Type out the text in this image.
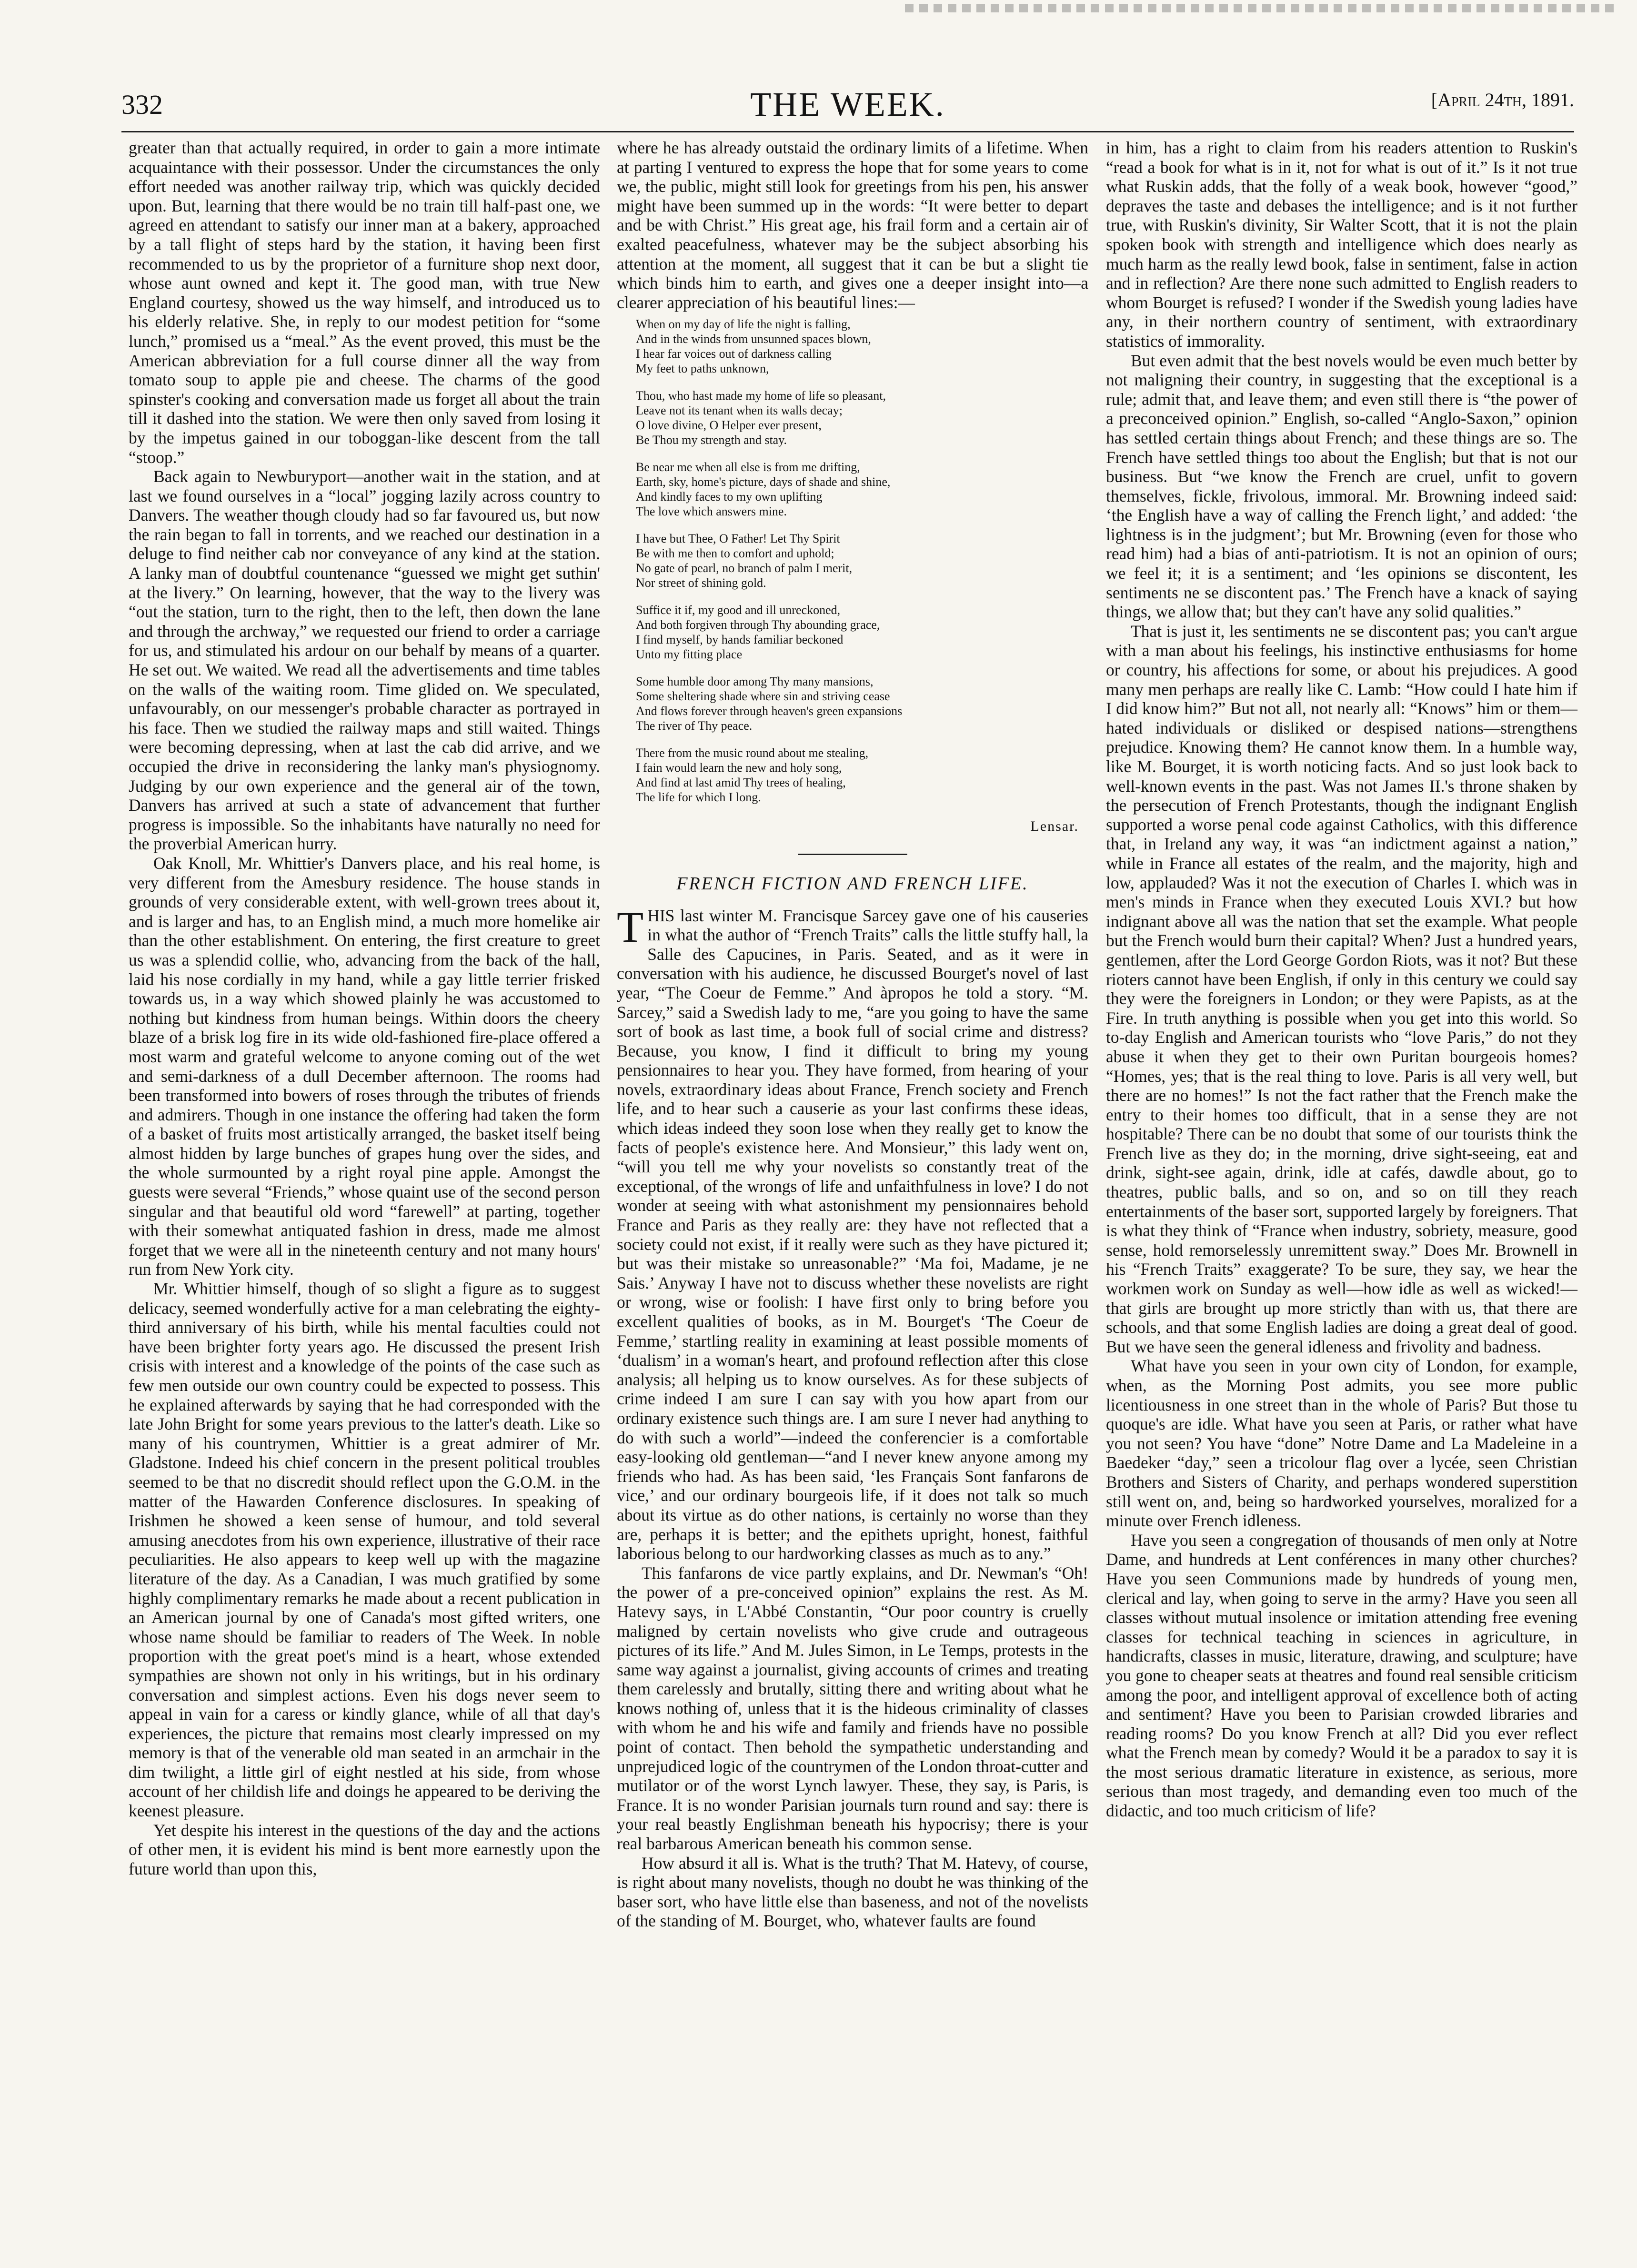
332	THE WEEK.	[April 24th, 1891.

greater than that actually required, in order to gain a more intimate acquaintance with their possessor. Under the circumstances the only effort needed was another railway trip, which was quickly decided upon. But, learning that there would be no train till half-past one, we agreed en attendant to satisfy our inner man at a bakery, approached by a tall flight of steps hard by the station, it having been first recommended to us by the proprietor of a furniture shop next door, whose aunt owned and kept it. The good man, with true New England courtesy, showed us the way himself, and introduced us to his elderly relative. She, in reply to our modest petition for “some lunch,” promised us a “meal.” As the event proved, this must be the American abbreviation for a full course dinner all the way from tomato soup to apple pie and cheese. The charms of the good spinster's cooking and conversation made us forget all about the train till it dashed into the station. We were then only saved from losing it by the impetus gained in our toboggan-like descent from the tall “stoop.”

Back again to Newburyport—another wait in the station, and at last we found ourselves in a “local” jogging lazily across country to Danvers. The weather though cloudy had so far favoured us, but now the rain began to fall in torrents, and we reached our destination in a deluge to find neither cab nor conveyance of any kind at the station. A lanky man of doubtful countenance “guessed we might get suthin' at the livery.” On learning, however, that the way to the livery was “out the station, turn to the right, then to the left, then down the lane and through the archway,” we requested our friend to order a carriage for us, and stimulated his ardour on our behalf by means of a quarter. He set out. We waited. We read all the advertisements and time tables on the walls of the waiting room. Time glided on. We speculated, unfavourably, on our messenger's probable character as portrayed in his face. Then we studied the railway maps and still waited. Things were becoming depressing, when at last the cab did arrive, and we occupied the drive in reconsidering the lanky man's physiognomy. Judging by our own experience and the general air of the town, Danvers has arrived at such a state of advancement that further progress is impossible. So the inhabitants have naturally no need for the proverbial American hurry.

Oak Knoll, Mr. Whittier's Danvers place, and his real home, is very different from the Amesbury residence. The house stands in grounds of very considerable extent, with well-grown trees about it, and is larger and has, to an English mind, a much more homelike air than the other establishment. On entering, the first creature to greet us was a splendid collie, who, advancing from the back of the hall, laid his nose cordially in my hand, while a gay little terrier frisked towards us, in a way which showed plainly he was accustomed to nothing but kindness from human beings. Within doors the cheery blaze of a brisk log fire in its wide old-fashioned fire-place offered a most warm and grateful welcome to anyone coming out of the wet and semi-darkness of a dull December afternoon. The rooms had been transformed into bowers of roses through the tributes of friends and admirers. Though in one instance the offering had taken the form of a basket of fruits most artistically arranged, the basket itself being almost hidden by large bunches of grapes hung over the sides, and the whole surmounted by a right royal pine apple. Amongst the guests were several “Friends,” whose quaint use of the second person singular and that beautiful old word “farewell” at parting, together with their somewhat antiquated fashion in dress, made me almost forget that we were all in the nineteenth century and not many hours' run from New York city.

Mr. Whittier himself, though of so slight a figure as to suggest delicacy, seemed wonderfully active for a man celebrating the eighty-third anniversary of his birth, while his mental faculties could not have been brighter forty years ago. He discussed the present Irish crisis with interest and a knowledge of the points of the case such as few men outside our own country could be expected to possess. This he explained afterwards by saying that he had corresponded with the late John Bright for some years previous to the latter's death. Like so many of his countrymen, Whittier is a great admirer of Mr. Gladstone. Indeed his chief concern in the present political troubles seemed to be that no discredit should reflect upon the G.O.M. in the matter of the Hawarden Conference disclosures. In speaking of Irishmen he showed a keen sense of humour, and told several amusing anecdotes from his own experience, illustrative of their race peculiarities. He also appears to keep well up with the magazine literature of the day. As a Canadian, I was much gratified by some highly complimentary remarks he made about a recent publication in an American journal by one of Canada's most gifted writers, one whose name should be familiar to readers of The Week. In noble proportion with the great poet's mind is a heart, whose extended sympathies are shown not only in his writings, but in his ordinary conversation and simplest actions. Even his dogs never seem to appeal in vain for a caress or kindly glance, while of all that day's experiences, the picture that remains most clearly impressed on my memory is that of the venerable old man seated in an armchair in the dim twilight, a little girl of eight nestled at his side, from whose account of her childish life and doings he appeared to be deriving the keenest pleasure.

Yet despite his interest in the questions of the day and the actions of other men, it is evident his mind is bent more earnestly upon the future world than upon this,

where he has already outstaid the ordinary limits of a lifetime. When at parting I ventured to express the hope that for some years to come we, the public, might still look for greetings from his pen, his answer might have been summed up in the words: “It were better to depart and be with Christ.” His great age, his frail form and a certain air of exalted peacefulness, whatever may be the subject absorbing his attention at the moment, all suggest that it can be but a slight tie which binds him to earth, and gives one a deeper insight into—a clearer appreciation of his beautiful lines:—

When on my day of life the night is falling,
And in the winds from unsunned spaces blown,
I hear far voices out of darkness calling
My feet to paths unknown,
Thou, who hast made my home of life so pleasant,
Leave not its tenant when its walls decay;
O love divine, O Helper ever present,
Be Thou my strength and stay.
Be near me when all else is from me drifting,
Earth, sky, home's picture, days of shade and shine,
And kindly faces to my own uplifting
The love which answers mine.
I have but Thee, O Father! Let Thy Spirit
Be with me then to comfort and uphold;
No gate of pearl, no branch of palm I merit,
Nor street of shining gold.
Suffice it if, my good and ill unreckoned,
And both forgiven through Thy abounding grace,
I find myself, by hands familiar beckoned
Unto my fitting place
Some humble door among Thy many mansions,
Some sheltering shade where sin and striving cease
And flows forever through heaven's green expansions
The river of Thy peace.
There from the music round about me stealing,
I fain would learn the new and holy song,
And find at last amid Thy trees of healing,
The life for which I long.
Lensar.
FRENCH FICTION AND FRENCH LIFE.

THIS last winter M. Francisque Sarcey gave one of his causeries in what the author of “French Traits” calls the little stuffy hall, la Salle des Capucines, in Paris. Seated, and as it were in conversation with his audience, he discussed Bourget's novel of last year, “The Coeur de Femme.” And àpropos he told a story. “M. Sarcey,” said a Swedish lady to me, “are you going to have the same sort of book as last time, a book full of social crime and distress? Because, you know, I find it difficult to bring my young pensionnaires to hear you. They have formed, from hearing of your novels, extraordinary ideas about France, French society and French life, and to hear such a causerie as your last confirms these ideas, which ideas indeed they soon lose when they really get to know the facts of people's existence here. And Monsieur,” this lady went on, “will you tell me why your novelists so constantly treat of the exceptional, of the wrongs of life and unfaithfulness in love? I do not wonder at seeing with what astonishment my pensionnaires behold France and Paris as they really are: they have not reflected that a society could not exist, if it really were such as they have pictured it; but was their mistake so unreasonable?” ‘Ma foi, Madame, je ne Sais.’ Anyway I have not to discuss whether these novelists are right or wrong, wise or foolish: I have first only to bring before you excellent qualities of books, as in M. Bourget's ‘The Coeur de Femme,’ startling reality in examining at least possible moments of ‘dualism’ in a woman's heart, and profound reflection after this close analysis; all helping us to know ourselves. As for these subjects of crime indeed I am sure I can say with you how apart from our ordinary existence such things are. I am sure I never had anything to do with such a world”—indeed the conferencier is a comfortable easy-looking old gentleman—“and I never knew anyone among my friends who had. As has been said, ‘les Français Sont fanfarons de vice,’ and our ordinary bourgeois life, if it does not talk so much about its virtue as do other nations, is certainly no worse than they are, perhaps it is better; and the epithets upright, honest, faithful laborious belong to our hardworking classes as much as to any.”

This fanfarons de vice partly explains, and Dr. Newman's “Oh! the power of a pre-conceived opinion” explains the rest. As M. Hatevy says, in L'Abbé Constantin, “Our poor country is cruelly maligned by certain novelists who give crude and outrageous pictures of its life.” And M. Jules Simon, in Le Temps, protests in the same way against a journalist, giving accounts of crimes and treating them carelessly and brutally, sitting there and writing about what he knows nothing of, unless that it is the hideous criminality of classes with whom he and his wife and family and friends have no possible point of contact. Then behold the sympathetic understanding and unprejudiced logic of the countrymen of the London throat-cutter and mutilator or of the worst Lynch lawyer. These, they say, is Paris, is France. It is no wonder Parisian journals turn round and say: there is your real beastly Englishman beneath his hypocrisy; there is your real barbarous American beneath his common sense.

How absurd it all is. What is the truth? That M. Hatevy, of course, is right about many novelists, though no doubt he was thinking of the baser sort, who have little else than baseness, and not of the novelists of the standing of M. Bourget, who, whatever faults are found

in him, has a right to claim from his readers attention to Ruskin's “read a book for what is in it, not for what is out of it.” Is it not true what Ruskin adds, that the folly of a weak book, however “good,” depraves the taste and debases the intelligence; and is it not further true, with Ruskin's divinity, Sir Walter Scott, that it is not the plain spoken book with strength and intelligence which does nearly as much harm as the really lewd book, false in sentiment, false in action and in reflection? Are there none such admitted to English readers to whom Bourget is refused? I wonder if the Swedish young ladies have any, in their northern country of sentiment, with extraordinary statistics of immorality.

But even admit that the best novels would be even much better by not maligning their country, in suggesting that the exceptional is a rule; admit that, and leave them; and even still there is “the power of a preconceived opinion.” English, so-called “Anglo-Saxon,” opinion has settled certain things about French; and these things are so. The French have settled things too about the English; but that is not our business. But “we know the French are cruel, unfit to govern themselves, fickle, frivolous, immoral. Mr. Browning indeed said: ‘the English have a way of calling the French light,’ and added: ‘the lightness is in the judgment’; but Mr. Browning (even for those who read him) had a bias of anti-patriotism. It is not an opinion of ours; we feel it; it is a sentiment; and ‘les opinions se discontent, les sentiments ne se discontent pas.’ The French have a knack of saying things, we allow that; but they can't have any solid qualities.”

That is just it, les sentiments ne se discontent pas; you can't argue with a man about his feelings, his instinctive enthusiasms for home or country, his affections for some, or about his prejudices. A good many men perhaps are really like C. Lamb: “How could I hate him if I did know him?” But not all, not nearly all: “Knows” him or them—hated individuals or disliked or despised nations—strengthens prejudice. Knowing them? He cannot know them. In a humble way, like M. Bourget, it is worth noticing facts. And so just look back to well-known events in the past. Was not James II.'s throne shaken by the persecution of French Protestants, though the indignant English supported a worse penal code against Catholics, with this difference that, in Ireland any way, it was “an indictment against a nation,” while in France all estates of the realm, and the majority, high and low, applauded? Was it not the execution of Charles I. which was in men's minds in France when they executed Louis XVI.? but how indignant above all was the nation that set the example. What people but the French would burn their capital? When? Just a hundred years, gentlemen, after the Lord George Gordon Riots, was it not? But these rioters cannot have been English, if only in this century we could say they were the foreigners in London; or they were Papists, as at the Fire. In truth anything is possible when you get into this world. So to-day English and American tourists who “love Paris,” do not they abuse it when they get to their own Puritan bourgeois homes? “Homes, yes; that is the real thing to love. Paris is all very well, but there are no homes!” Is not the fact rather that the French make the entry to their homes too difficult, that in a sense they are not hospitable? There can be no doubt that some of our tourists think the French live as they do; in the morning, drive sight-seeing, eat and drink, sight-see again, drink, idle at cafés, dawdle about, go to theatres, public balls, and so on, and so on till they reach entertainments of the baser sort, supported largely by foreigners. That is what they think of “France when industry, sobriety, measure, good sense, hold remorselessly unremittent sway.” Does Mr. Brownell in his “French Traits” exaggerate? To be sure, they say, we hear the workmen work on Sunday as well—how idle as well as wicked!—that girls are brought up more strictly than with us, that there are schools, and that some English ladies are doing a great deal of good. But we have seen the general idleness and frivolity and badness.

What have you seen in your own city of London, for example, when, as the Morning Post admits, you see more public licentiousness in one street than in the whole of Paris? But those tu quoque's are idle. What have you seen at Paris, or rather what have you not seen? You have “done” Notre Dame and La Madeleine in a Baedeker “day,” seen a tricolour flag over a lycée, seen Christian Brothers and Sisters of Charity, and perhaps wondered superstition still went on, and, being so hardworked yourselves, moralized for a minute over French idleness.

Have you seen a congregation of thousands of men only at Notre Dame, and hundreds at Lent conférences in many other churches? Have you seen Communions made by hundreds of young men, clerical and lay, when going to serve in the army? Have you seen all classes without mutual insolence or imitation attending free evening classes for technical teaching in sciences in agriculture, in handicrafts, classes in music, literature, drawing, and sculpture; have you gone to cheaper seats at theatres and found real sensible criticism among the poor, and intelligent approval of excellence both of acting and sentiment? Have you been to Parisian crowded libraries and reading rooms? Do you know French at all? Did you ever reflect what the French mean by comedy? Would it be a paradox to say it is the most serious dramatic literature in existence, as serious, more serious than most tragedy, and demanding even too much of the didactic, and too much criticism of life?
